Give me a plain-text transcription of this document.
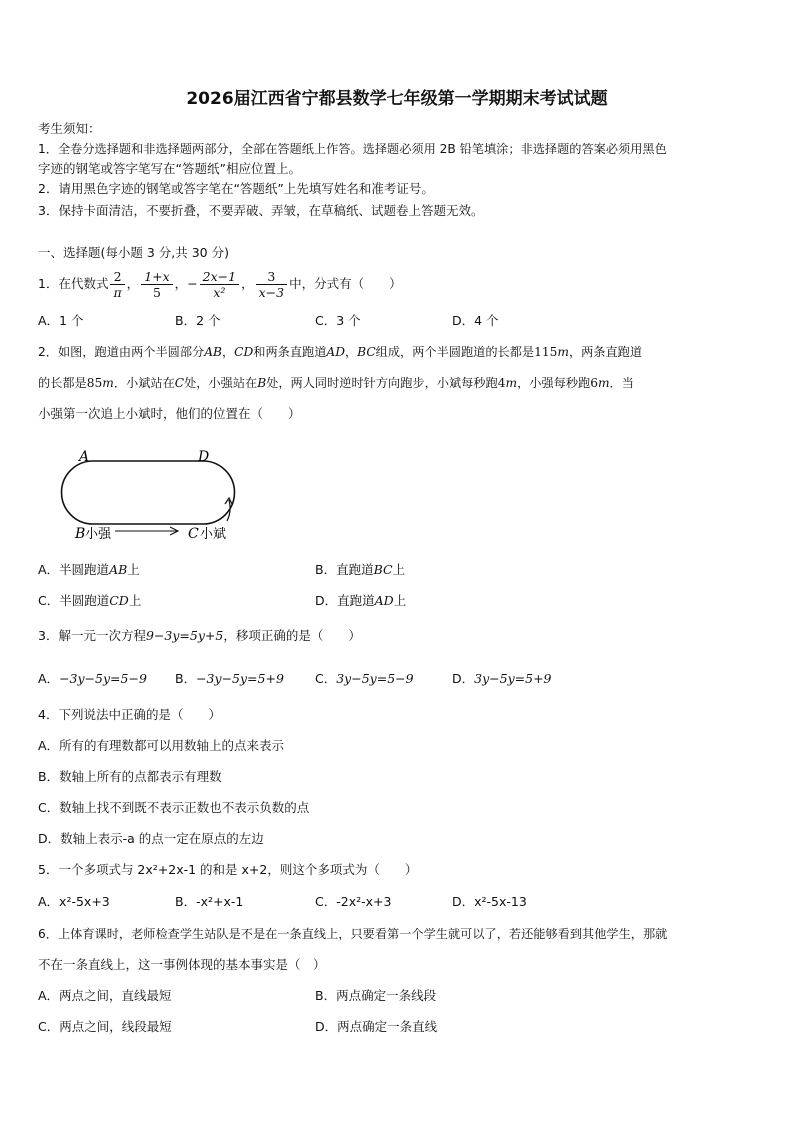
2026届江西省宁都县数学七年级第一学期期末考试试题
考生须知：
1．全卷分选择题和非选择题两部分，全部在答题纸上作答。选择题必须用 2B 铅笔填涂；非选择题的答案必须用黑色
字迹的钢笔或答字笔写在“答题纸”相应位置上。
2．请用黑色字迹的钢笔或答字笔在“答题纸”上先填写姓名和准考证号。
3．保持卡面清洁，不要折叠，不要弄破、弄皱，在草稿纸、试题卷上答题无效。
一、选择题(每小题 3 分,共 30 分)
1．在代数式 $\frac{2}{\pi}$ ， $\frac{1+x}{5}$ ，− $\frac{2x-1}{\text{x²}}$ ， $\frac{3}{x-3}$ 中，分式有（　　）
A．1 个	B．2 个	C．3 个	D．4 个
2．如图，跑道由两个半圆部分AB，CD和两条直跑道AD，BC组成，两个半圆跑道的长都是115m，两条直跑道
的长都是85m．小斌站在C处，小强站在B处，两人同时逆时针方向跑步，小斌每秒跑4m，小强每秒跑6m．当
小强第一次追上小斌时，他们的位置在（　　）
A	D
B 小强	C 小斌
A．半圆跑道AB上	B．直跑道BC上
C．半圆跑道CD上	D．直跑道AD上
3．解一元一次方程9−3y=5y+5，移项正确的是（　　）
A．−3y−5y=5−9 B．−3y−5y=5+9 C．3y−5y=5−9	D．3y−5y=5+9
4．下列说法中正确的是（　　）
A．所有的有理数都可以用数轴上的点来表示
B．数轴上所有的点都表示有理数
C．数轴上找不到既不表示正数也不表示负数的点
D．数轴上表示-a 的点一定在原点的左边
5．一个多项式与 2x²+2x-1 的和是 x+2，则这个多项式为（　　）
A．x²-5x+3	B．-x²+x-1	C．-2x²-x+3	D．x²-5x-13
6．上体育课时，老师检查学生站队是不是在一条直线上，只要看第一个学生就可以了，若还能够看到其他学生，那就
不在一条直线上，这一事例体现的基本事实是（　）
A．两点之间，直线最短	B．两点确定一条线段
C．两点之间，线段最短	D．两点确定一条直线
